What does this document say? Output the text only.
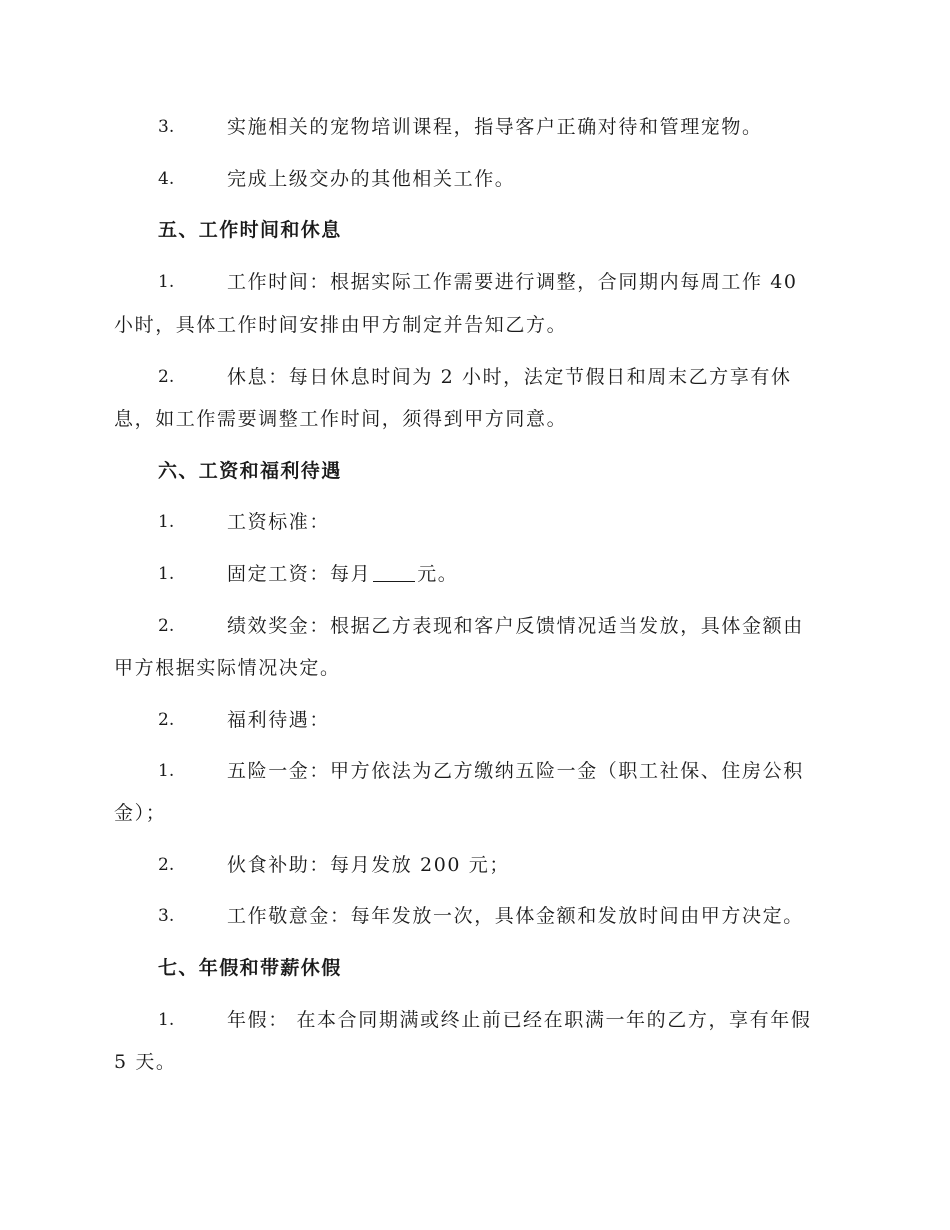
3.	实施相关的宠物培训课程，指导客户正确对待和管理宠物。
4.	完成上级交办的其他相关工作。
五、工作时间和休息
1.	工作时间：根据实际工作需要进行调整，合同期内每周工作 40
小时，具体工作时间安排由甲方制定并告知乙方。
2.	休息：每日休息时间为 2 小时，法定节假日和周末乙方享有休
息，如工作需要调整工作时间，须得到甲方同意。
六、工资和福利待遇
1.	工资标准：
1.	固定工资：每月 元。
2.	绩效奖金：根据乙方表现和客户反馈情况适当发放，具体金额由
甲方根据实际情况决定。
2.	福利待遇：
1.	五险一金：甲方依法为乙方缴纳五险一金（职工社保、住房公积
金）；
2.	伙食补助：每月发放 200 元；
3.	工作敬意金：每年发放一次，具体金额和发放时间由甲方决定。
七、年假和带薪休假
1.	年假： 在本合同期满或终止前已经在职满一年的乙方，享有年假
5 天。
